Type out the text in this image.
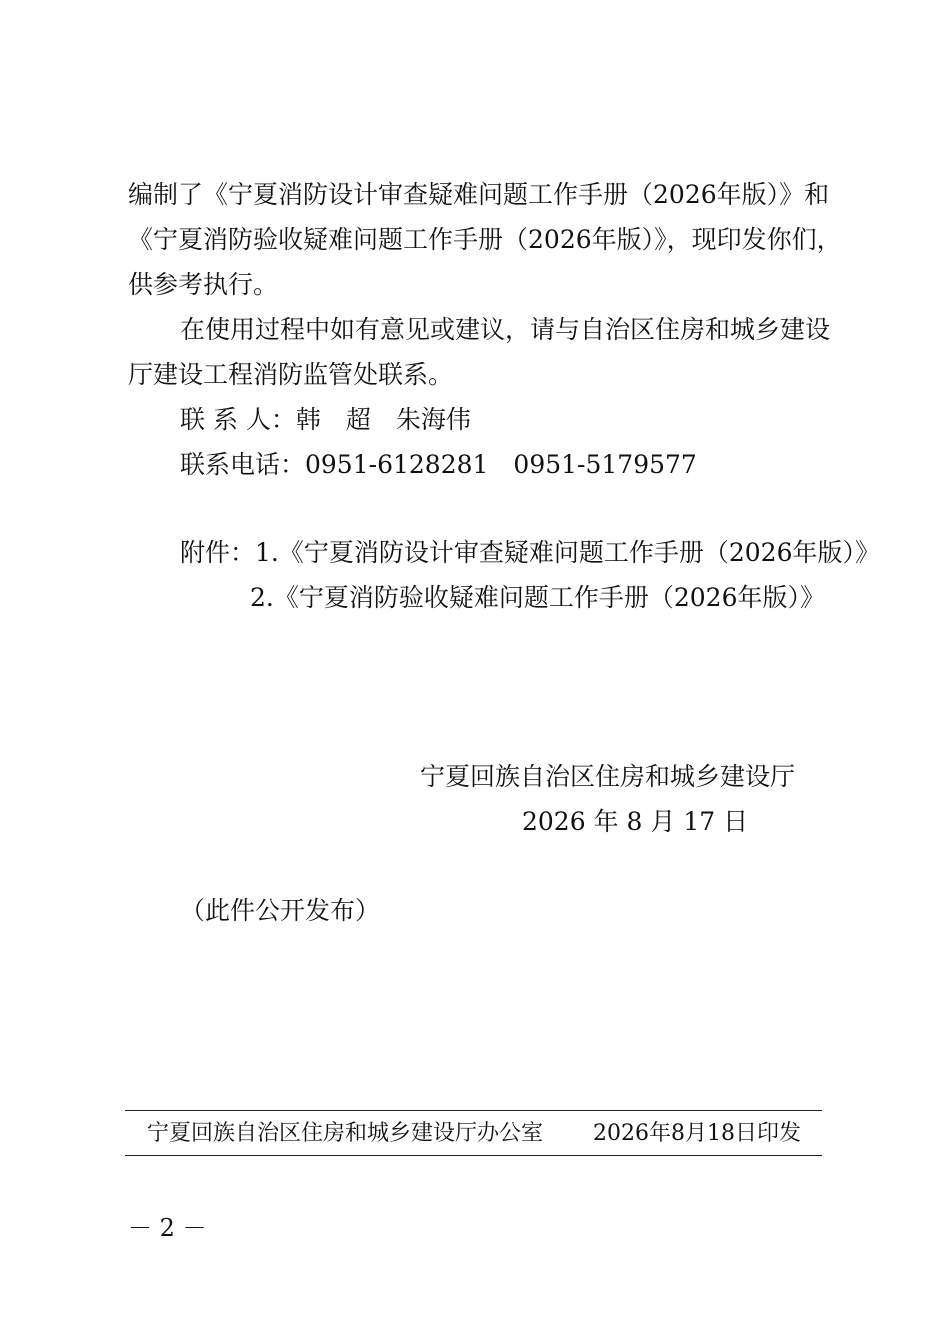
编制了《宁夏消防设计审查疑难问题工作手册（2026年版）》和
《宁夏消防验收疑难问题工作手册（2026年版）》，现印发你们，
供参考执行。
在使用过程中如有意见或建议，请与自治区住房和城乡建设
厅建设工程消防监管处联系。
联 系 人：韩　超　朱海伟
联系电话：0951-6128281　0951-5179577
附件：1.《宁夏消防设计审查疑难问题工作手册（2026年版）》
2.《宁夏消防验收疑难问题工作手册（2026年版）》
宁夏回族自治区住房和城乡建设厅
2026 年 8 月 17 日
（此件公开发布）
宁夏回族自治区住房和城乡建设厅办公室 2026年8月18日印发
－ 2 －
